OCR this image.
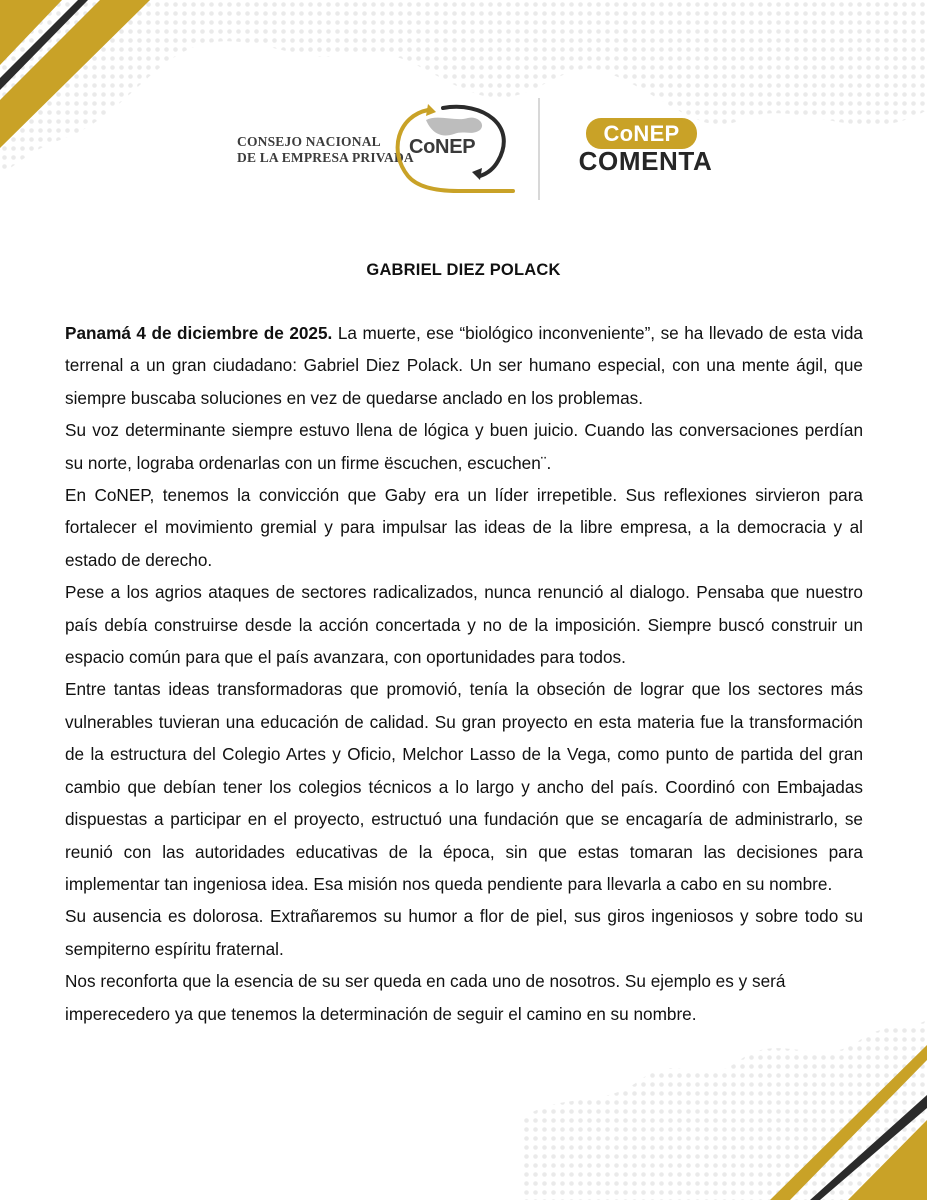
CONSEJO NACIONAL
DE LA EMPRESA PRIVADA
CoNEP
CoNEP
COMENTA
GABRIEL DIEZ POLACK

Panamá 4 de diciembre de 2025. La muerte, ese “biológico inconveniente”, se ha llevado de esta vida terrenal a un gran ciudadano: Gabriel Diez Polack. Un ser humano especial, con una mente ágil, que siempre buscaba soluciones en vez de quedarse anclado en los problemas.

Su voz determinante siempre estuvo llena de lógica y buen juicio. Cuando las conversaciones perdían su norte, lograba ordenarlas con un firme ëscuchen, escuchen¨.

En CoNEP, tenemos la convicción que Gaby era un líder irrepetible. Sus reflexiones sirvieron para fortalecer el movimiento gremial y para impulsar las ideas de la libre empresa, a la democracia y al estado de derecho.

Pese a los agrios ataques de sectores radicalizados, nunca renunció al dialogo. Pensaba que nuestro país debía construirse desde la acción concertada y no de la imposición. Siempre buscó construir un espacio común para que el país avanzara, con oportunidades para todos.

Entre tantas ideas transformadoras que promovió, tenía la obseción de lograr que los sectores más vulnerables tuvieran una educación de calidad. Su gran proyecto en esta materia fue la transformación de la estructura del Colegio Artes y Oficio, Melchor Lasso de la Vega, como punto de partida del gran cambio que debían tener los colegios técnicos a lo largo y ancho del país. Coordinó con Embajadas dispuestas a participar en el proyecto, estructuó una fundación que se encagaría de administrarlo, se reunió con las autoridades educativas de la época, sin que estas tomaran las decisiones para implementar tan ingeniosa idea. Esa misión nos queda pendiente para llevarla a cabo en su nombre.

Su ausencia es dolorosa. Extrañaremos su humor a flor de piel, sus giros ingeniosos y sobre todo su sempiterno espíritu fraternal.

Nos reconforta que la esencia de su ser queda en cada uno de nosotros. Su ejemplo es y será imperecedero ya que tenemos la determinación de seguir el camino en su nombre.
